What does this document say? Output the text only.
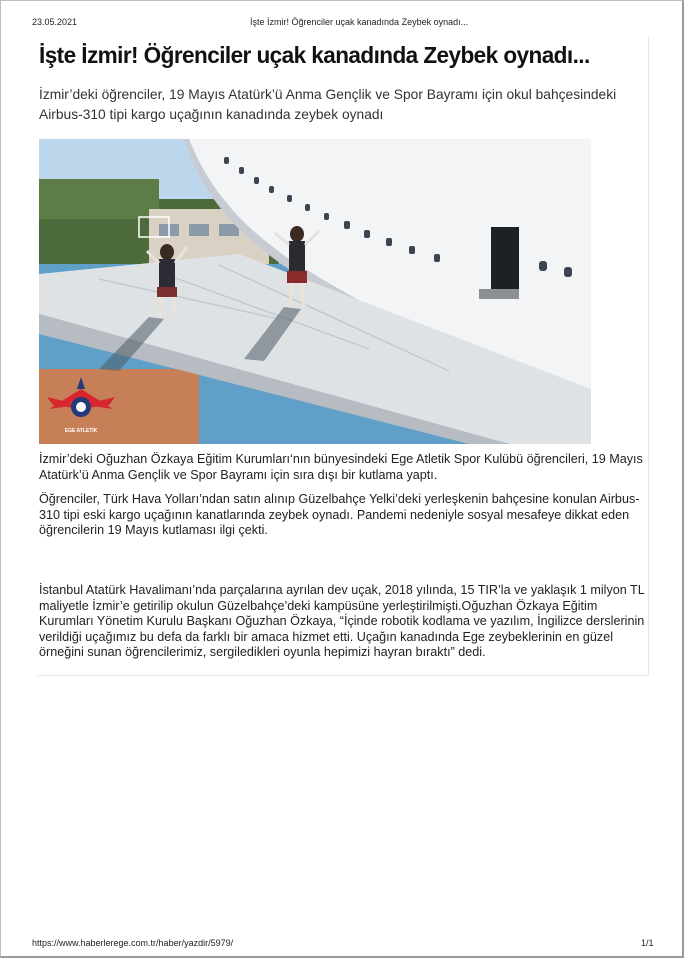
23.05.2021	İşte İzmir! Öğrenciler uçak kanadında Zeybek oynadı...
İşte İzmir! Öğrenciler uçak kanadında Zeybek oynadı...

İzmir’deki öğrenciler, 19 Mayıs Atatürk’ü Anma Gençlik ve Spor Bayramı için okul bahçesindeki Airbus-310 tipi kargo uçağının kanadında zeybek oynadı

EGE ATLETİK

İzmir’deki Oğuzhan Özkaya Eğitim Kurumları‘nın bünyesindeki Ege Atletik Spor Kulübü öğrencileri, 19 Mayıs Atatürk’ü Anma Gençlik ve Spor Bayramı için sıra dışı bir kutlama yaptı.

Öğrenciler, Türk Hava Yolları’ndan satın alınıp Güzelbahçe Yelki’deki yerleşkenin bahçesine konulan Airbus-310 tipi eski kargo uçağının kanatlarında zeybek oynadı. Pandemi nedeniyle sosyal mesafeye dikkat eden öğrencilerin 19 Mayıs kutlaması ilgi çekti.

İstanbul Atatürk Havalimanı’nda parçalarına ayrılan dev uçak, 2018 yılında, 15 TIR’la ve yaklaşık 1 milyon TL maliyetle İzmir’e getirilip okulun Güzelbahçe’deki kampüsüne yerleştirilmişti.Oğuzhan Özkaya Eğitim Kurumları Yönetim Kurulu Başkanı Oğuzhan Özkaya, “İçinde robotik kodlama ve yazılım, İngilizce derslerinin verildiği uçağımız bu defa da farklı bir amaca hizmet etti. Uçağın kanadında Ege zeybeklerinin en güzel örneğini sunan öğrencilerimiz, sergiledikleri oyunla hepimizi hayran bıraktı” dedi.

https://www.haberlerege.com.tr/haber/yazdir/5979/	1/1
